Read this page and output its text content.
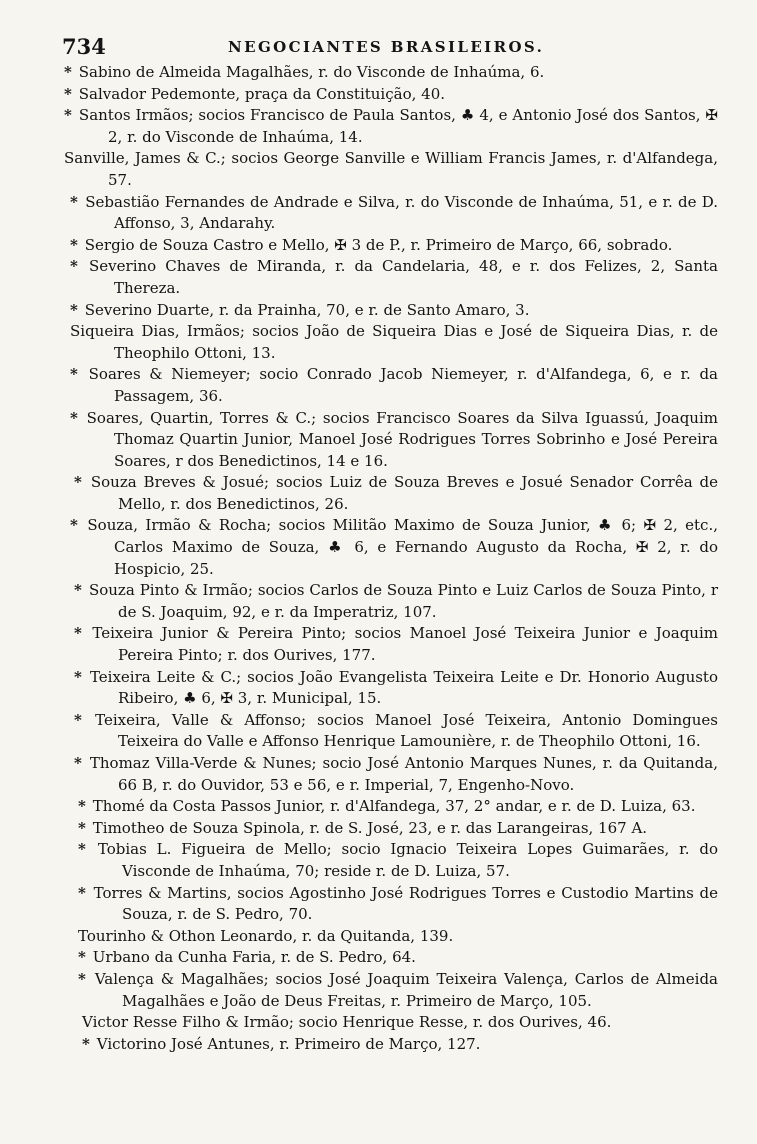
734	NEGOCIANTES BRASILEIROS.
* Sabino de Almeida Magalhães, r. do Visconde de Inhaúma, 6.
* Salvador Pedemonte, praça da Constituição, 40.
* Santos Irmãos; socios Francisco de Paula Santos, ♣ 4, e Antonio José dos Santos, ✠ 2, r. do Visconde de Inhaúma, 14.
Sanville, James & C.; socios George Sanville e William Francis James, r. d'Alfandega, 57.
* Sebastião Fernandes de Andrade e Silva, r. do Visconde de Inhaúma, 51, e r. de D. Affonso, 3, Andarahy.
* Sergio de Souza Castro e Mello, ✠ 3 de P., r. Primeiro de Março, 66, sobrado.
* Severino Chaves de Miranda, r. da Candelaria, 48, e r. dos Felizes, 2, Santa Thereza.
* Severino Duarte, r. da Prainha, 70, e r. de Santo Amaro, 3.
Siqueira Dias, Irmãos; socios João de Siqueira Dias e José de Siqueira Dias, r. de Theophilo Ottoni, 13.
* Soares & Niemeyer; socio Conrado Jacob Niemeyer, r. d'Alfandega, 6, e r. da Passagem, 36.
* Soares, Quartin, Torres & C.; socios Francisco Soares da Silva Iguassú, Joaquim Thomaz Quartin Junior, Manoel José Rodrigues Torres Sobrinho e José Pereira Soares, r dos Benedictinos, 14 e 16.
* Souza Breves & Josué; socios Luiz de Souza Breves e Josué Senador Corrêa de Mello, r. dos Benedictinos, 26.
* Souza, Irmão & Rocha; socios Militão Maximo de Souza Junior, ♣ 6; ✠ 2, etc., Carlos Maximo de Souza, ♣ 6, e Fernando Augusto da Rocha, ✠ 2, r. do Hospicio, 25.
* Souza Pinto & Irmão; socios Carlos de Souza Pinto e Luiz Carlos de Souza Pinto, r de S. Joaquim, 92, e r. da Imperatriz, 107.
* Teixeira Junior & Pereira Pinto; socios Manoel José Teixeira Junior e Joaquim Pereira Pinto; r. dos Ourives, 177.
* Teixeira Leite & C.; socios João Evangelista Teixeira Leite e Dr. Honorio Augusto Ribeiro, ♣ 6, ✠ 3, r. Municipal, 15.
* Teixeira, Valle & Affonso; socios Manoel José Teixeira, Antonio Domingues Teixeira do Valle e Affonso Henrique Lamounière, r. de Theophilo Ottoni, 16.
* Thomaz Villa-Verde & Nunes; socio José Antonio Marques Nunes, r. da Quitanda, 66 B, r. do Ouvidor, 53 e 56, e r. Imperial, 7, Engenho-Novo.
* Thomé da Costa Passos Junior, r. d'Alfandega, 37, 2° andar, e r. de D. Luiza, 63.
* Timotheo de Souza Spinola, r. de S. José, 23, e r. das Larangeiras, 167 A.
* Tobias L. Figueira de Mello; socio Ignacio Teixeira Lopes Guimarães, r. do Visconde de Inhaúma, 70; reside r. de D. Luiza, 57.
* Torres & Martins, socios Agostinho José Rodrigues Torres e Custodio Martins de Souza, r. de S. Pedro, 70.
Tourinho & Othon Leonardo, r. da Quitanda, 139.
* Urbano da Cunha Faria, r. de S. Pedro, 64.
* Valença & Magalhães; socios José Joaquim Teixeira Valença, Carlos de Almeida Magalhães e João de Deus Freitas, r. Primeiro de Março, 105.
Victor Resse Filho & Irmão; socio Henrique Resse, r. dos Ourives, 46.
* Victorino José Antunes, r. Primeiro de Março, 127.
